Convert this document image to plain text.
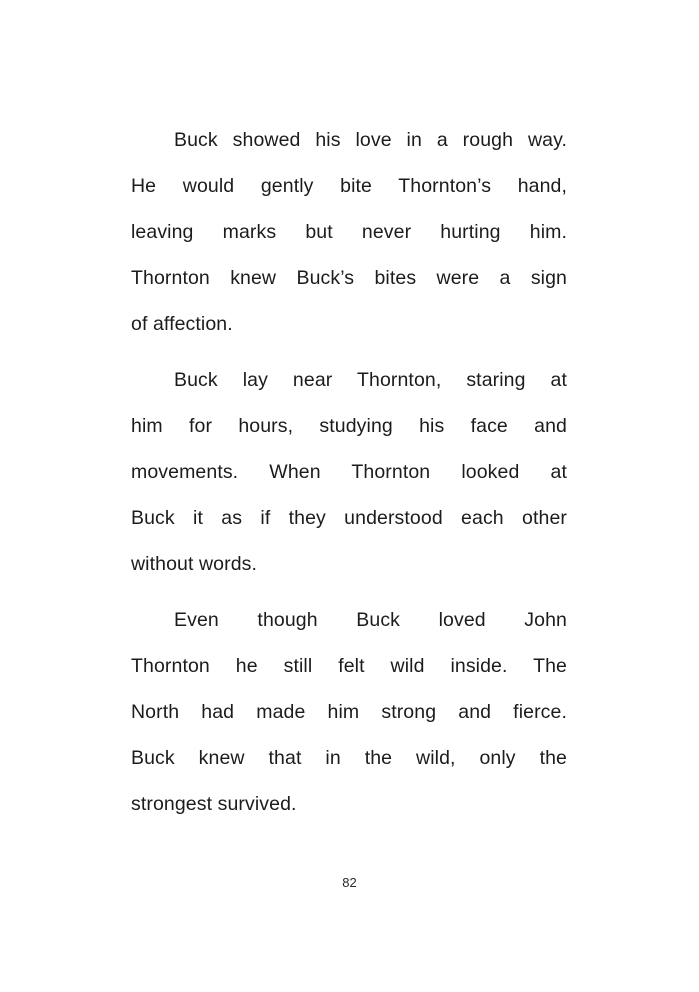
Buck showed his love in a rough way.
He would gently bite Thornton’s hand,
leaving marks but never hurting him.
Thornton knew Buck’s bites were a sign
of affection.
Buck lay near Thornton, staring at
him for hours, studying his face and
movements. When Thornton looked at
Buck it as if they understood each other
without words.
Even though Buck loved John
Thornton he still felt wild inside. The
North had made him strong and fierce.
Buck knew that in the wild, only the
strongest survived.
82
